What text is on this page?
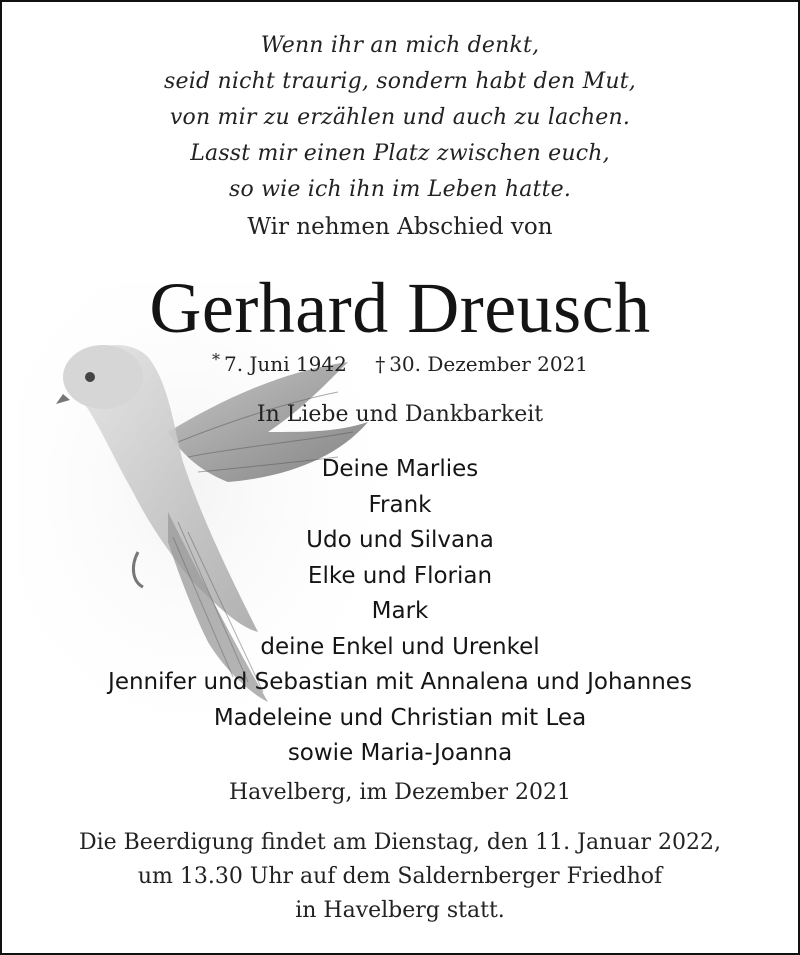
Wenn ihr an mich denkt,
seid nicht traurig, sondern habt den Mut,
von mir zu erzählen und auch zu lachen.
Lasst mir einen Platz zwischen euch,
so wie ich ihn im Leben hatte.
Wir nehmen Abschied von
Gerhard Dreusch
* 7. Juni 1942 † 30. Dezember 2021
In Liebe und Dankbarkeit
Deine Marlies
Frank
Udo und Silvana
Elke und Florian
Mark
deine Enkel und Urenkel
Jennifer und Sebastian mit Annalena und Johannes
Madeleine und Christian mit Lea
sowie Maria-Joanna
Havelberg, im Dezember 2021
Die Beerdigung findet am Dienstag, den 11. Januar 2022,
um 13.30 Uhr auf dem Saldernberger Friedhof
in Havelberg statt.
